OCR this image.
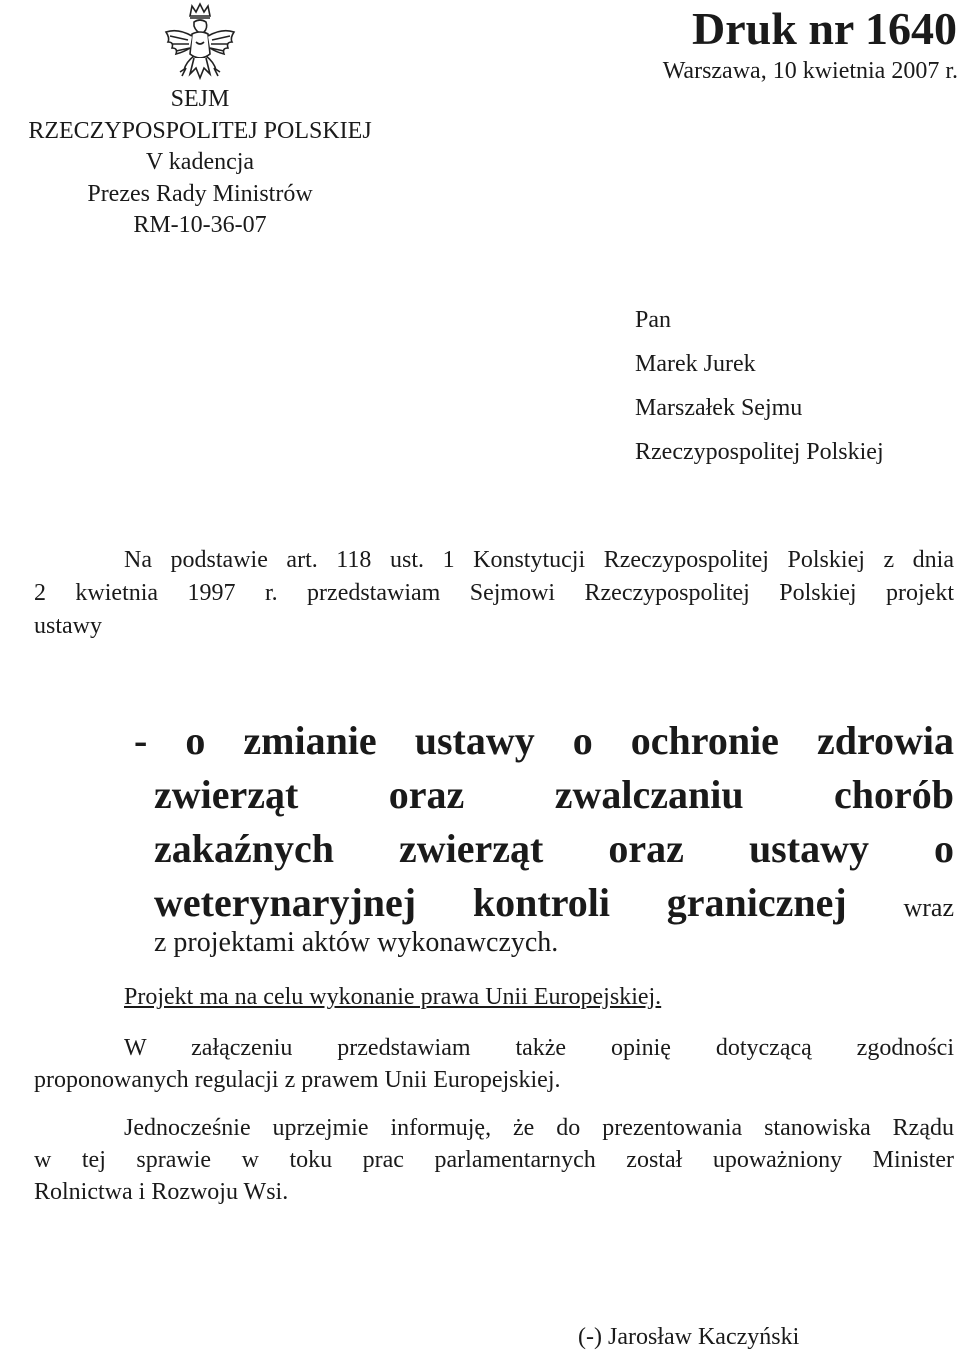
SEJM
RZECZYPOSPOLITEJ POLSKIEJ
V kadencja
Prezes Rady Ministrów
RM-10-36-07
Druk nr 1640
Warszawa, 10 kwietnia 2007 r.
Pan
Marek Jurek
Marszałek Sejmu
Rzeczypospolitej Polskiej
Na podstawie art. 118 ust. 1 Konstytucji Rzeczypospolitej Polskiej z dnia
2 kwietnia 1997 r. przedstawiam Sejmowi Rzeczypospolitej Polskiej projekt
ustawy
- o zmianie ustawy o ochronie zdrowia
zwierząt oraz zwalczaniu chorób
zakaźnych zwierząt oraz ustawy o
weterynaryjnej kontroli granicznej wraz
z projektami aktów wykonawczych.
Projekt ma na celu wykonanie prawa Unii Europejskiej.
W załączeniu przedstawiam także opinię dotyczącą zgodności
proponowanych regulacji z prawem Unii Europejskiej.
Jednocześnie uprzejmie informuję, że do prezentowania stanowiska Rządu
w tej sprawie w toku prac parlamentarnych został upoważniony Minister
Rolnictwa i Rozwoju Wsi.
(-) Jarosław Kaczyński
